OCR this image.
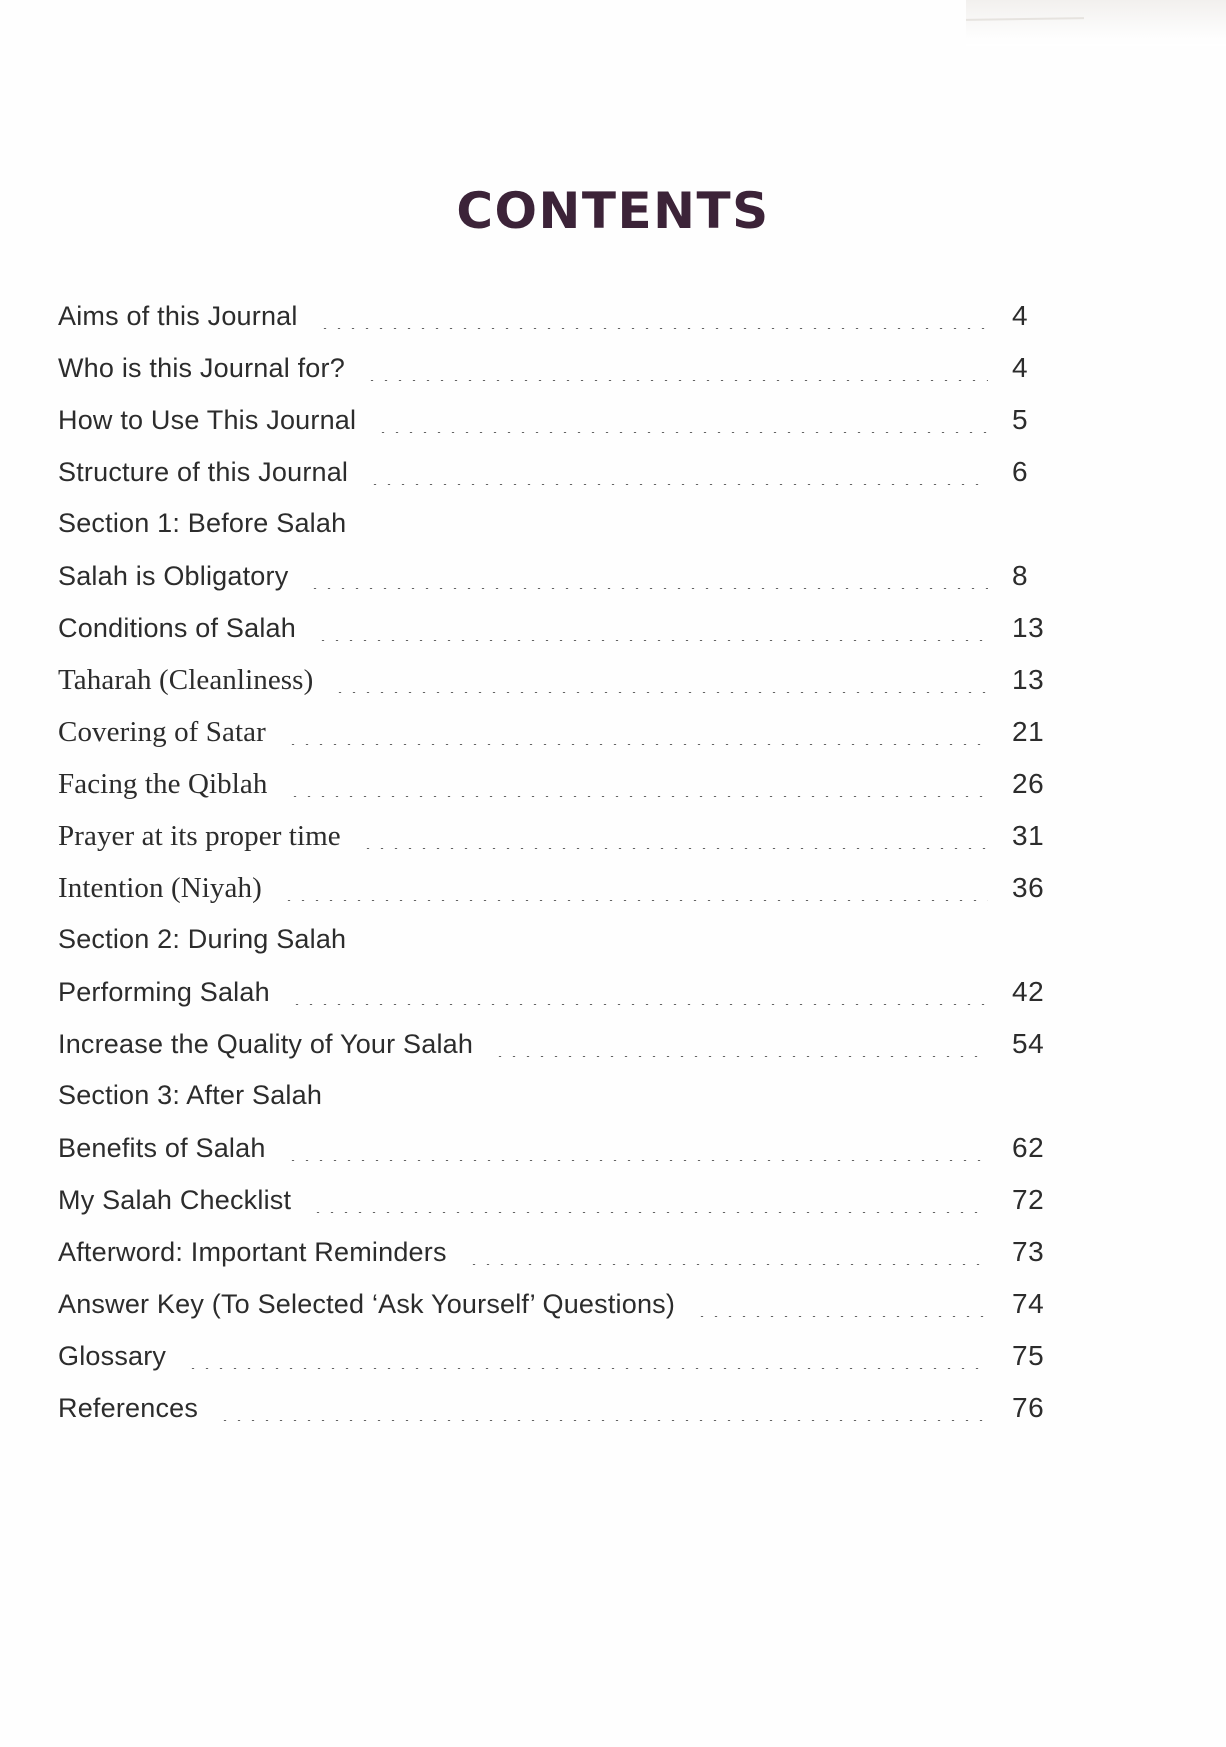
CONTENTS
Aims of this Journal	4
Who is this Journal for?	4
How to Use This Journal	5
Structure of this Journal	6
Section 1: Before Salah
Salah is Obligatory	8
Conditions of Salah	13
Taharah (Cleanliness)	13
Covering of Satar	21
Facing the Qiblah	26
Prayer at its proper time	31
Intention (Niyah)	36
Section 2: During Salah
Performing Salah	42
Increase the Quality of Your Salah	54
Section 3: After Salah
Benefits of Salah	62
My Salah Checklist	72
Afterword: Important Reminders	73
Answer Key (To Selected ‘Ask Yourself’ Questions)	74
Glossary	75
References	76
